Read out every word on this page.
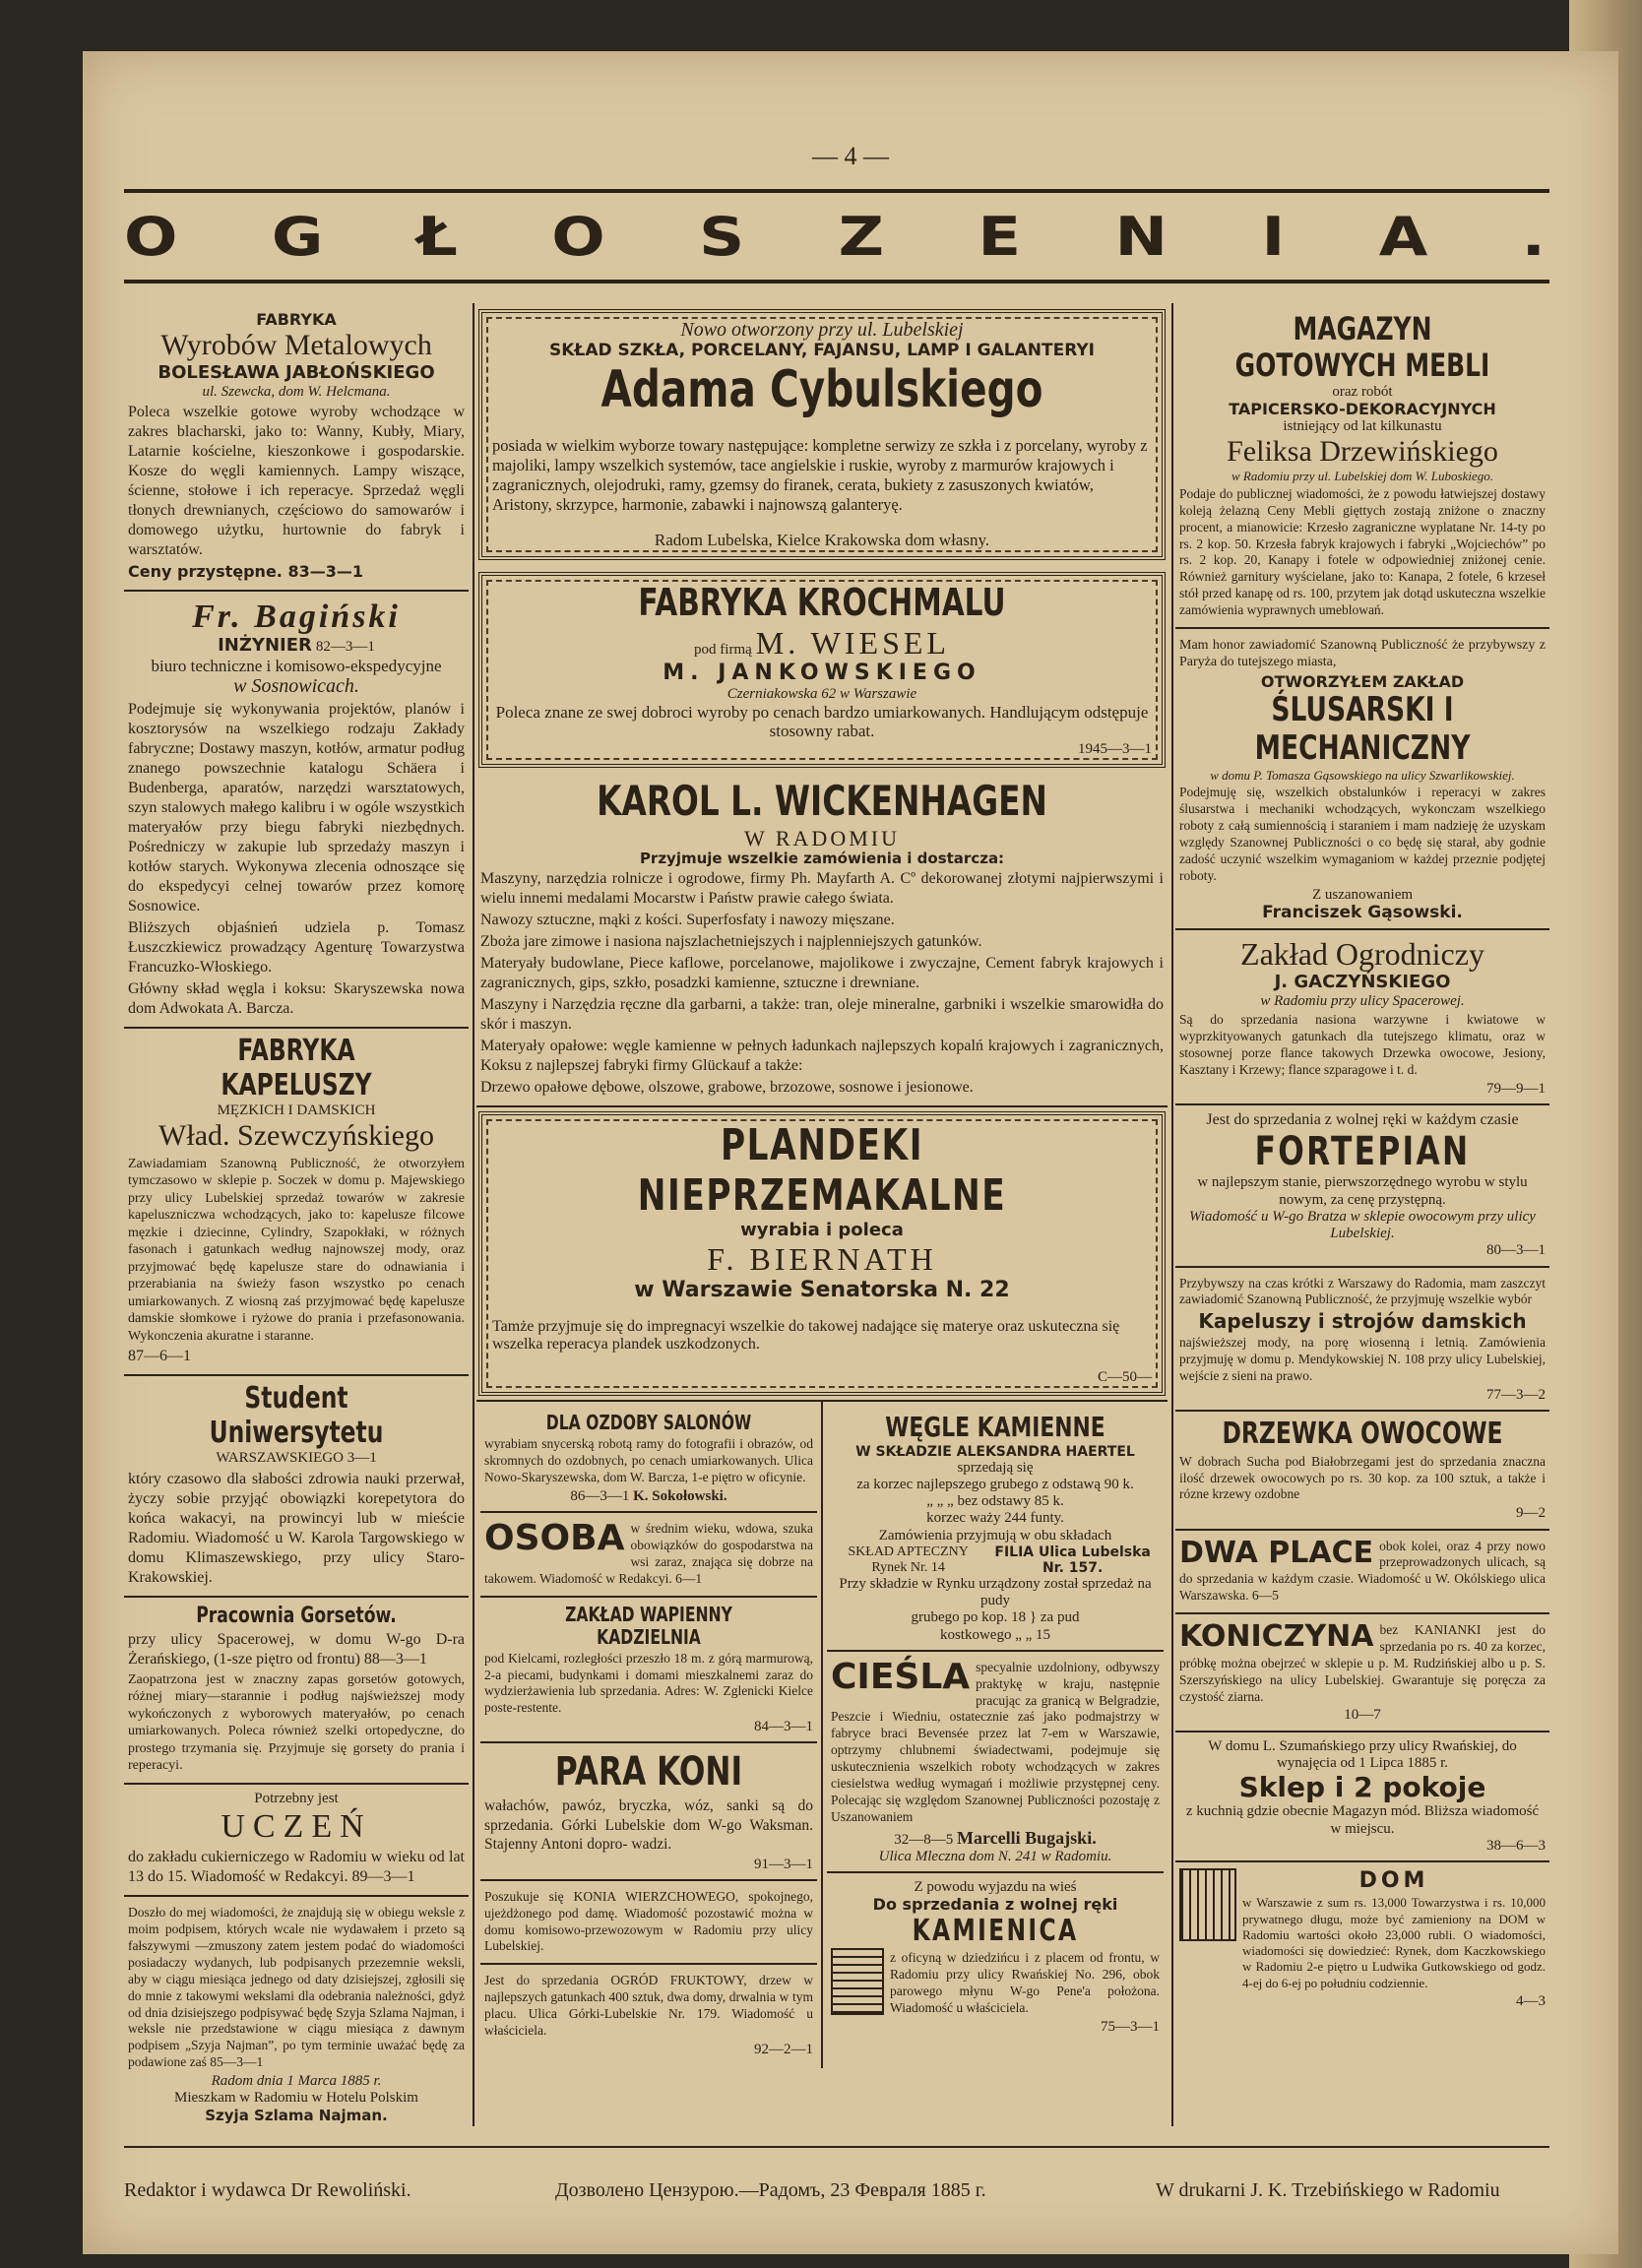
— 4 —
O G Ł O S Z E N I A .
FABRYKA
Wyrobów Metalowych
BOLESŁAWA JABŁOŃSKIEGO
ul. Szewcka, dom W. Helcmana.

Poleca wszelkie gotowe wyroby wchodzące w zakres blacharski, jako to: Wanny, Kubły, Miary, Latarnie kościelne, kieszonkowe i gospodarskie. Kosze do węgli kamiennych. Lampy wiszące, ścienne, stołowe i ich reperacye. Sprzedaż węgli tłonych drewnianych, częściowo do samowarów i domowego użytku, hurtownie do fabryk i warsztatów.

Ceny przystępne. 83—3—1

Fr. Bagiński
INŻYNIER 82—3—1
biuro techniczne i komisowo-ekspedycyjne
w Sosnowicach.

Podejmuje się wykonywania projektów, planów i kosztorysów na wszelkiego rodzaju Zakłady fabryczne; Dostawy maszyn, kotłów, armatur podług znanego powszechnie katalogu Schäera i Budenberga, aparatów, narzędzi warsztatowych, szyn stalowych małego kalibru i w ogóle wszystkich materyałów przy biegu fabryki niezbędnych. Pośredniczy w zakupie lub sprzedaży maszyn i kotłów starych. Wykonywa zlecenia odnoszące się do ekspedycyi celnej towarów przez komorę Sosnowice.

Bliższych objaśnień udziela p. Tomasz Łuszczkiewicz prowadzący Agenturę Towarzystwa Francuzko-Włoskiego.

Główny skład węgla i koksu: Skaryszewska nowa dom Adwokata A. Barcza.

FABRYKA KAPELUSZY
MĘZKICH I DAMSKICH
Wład. Szewczyńskiego

Zawiadamiam Szanowną Publiczność, że otworzyłem tymczasowo w sklepie p. Soczek w domu p. Majewskiego przy ulicy Lubelskiej sprzedaż towarów w zakresie kapeluszniczwa wchodzących, jako to: kapelusze filcowe męzkie i dziecinne, Cylindry, Szapokłaki, w różnych fasonach i gatunkach według najnowszej mody, oraz przyjmować będę kapelusze stare do odnawiania i przerabiania na świeży fason wszystko po cenach umiarkowanych. Z wiosną zaś przyjmować będę kapelusze damskie słomkowe i ryżowe do prania i przefasonowania. Wykonczenia akuratne i staranne.

87—6—1

Student Uniwersytetu
WARSZAWSKIEGO 3—1

który czasowo dla słabości zdrowia nauki przerwał, życzy sobie przyjąć obowiązki korepetytora do końca wakacyi, na prowincyi lub w mieście Radomiu. Wiadomość u W. Karola Targowskiego w domu Klimaszewskiego, przy ulicy Staro-Krakowskiej.

Pracownia Gorsetów.

przy ulicy Spacerowej, w domu W-go D-ra Żerańskiego, (1-sze piętro od frontu) 88—3—1

Zaopatrzona jest w znaczny zapas gorsetów gotowych, różnej miary—starannie i podług najświeższej mody wykończonych z wyborowych materyałów, po cenach umiarkowanych. Poleca również szelki ortopedyczne, do prostego trzymania się. Przyjmuje się gorsety do prania i reperacyi.

Potrzebny jest
UCZEŃ

do zakładu cukierniczego w Radomiu w wieku od lat 13 do 15. Wiadomość w Redakcyi. 89—3—1

Doszło do mej wiadomości, że znajdują się w obiegu weksle z moim podpisem, których wcale nie wydawałem i przeto są fałszywymi —zmuszony zatem jestem podać do wiadomości posiadaczy wydanych, lub podpisanych przezemnie weksli, aby w ciągu miesiąca jednego od daty dzisiejszej, zgłosili się do mnie z takowymi wekslami dla odebrania należności, gdyż od dnia dzisiejszego podpisywać będę Szyja Szlama Najman, i weksle nie przedstawione w ciągu miesiąca z dawnym podpisem „Szyja Najman”, po tym terminie uważać będę za podawione zaś 85—3—1

Radom dnia 1 Marca 1885 r.
Mieszkam w Radomiu w Hotelu Polskim
Szyja Szlama Najman.
Nowo otworzony przy ul. Lubelskiej
SKŁAD SZKŁA, PORCELANY, FAJANSU, LAMP I GALANTERYI
Adama Cybulskiego

posiada w wielkim wyborze towary następujące: kompletne serwizy ze szkła i z porcelany, wyroby z majoliki, lampy wszelkich systemów, tace angielskie i ruskie, wyroby z marmurów krajowych i zagranicznych, olejodruki, ramy, gzemsy do firanek, cerata, bukiety z zasuszonych kwiatów, Aristony, skrzypce, harmonie, zabawki i najnowszą galanteryę.

Radom Lubelska, Kielce Krakowska dom własny.
FABRYKA KROCHMALU
pod firmą M. WIESEL
M. JANKOWSKIEGO
Czerniakowska 62 w Warszawie
Poleca znane ze swej dobroci wyroby po cenach bardzo umiarkowanych. Handlującym odstępuje stosowny rabat.
1945—3—1
KAROL L. WICKENHAGEN
W RADOMIU
Przyjmuje wszelkie zamówienia i dostarcza:

Maszyny, narzędzia rolnicze i ogrodowe, firmy Ph. Mayfarth A. Cº dekorowanej złotymi najpierwszymi i wielu innemi medalami Mocarstw i Państw prawie całego świata.

Nawozy sztuczne, mąki z kości. Superfosfaty i nawozy mięszane.

Zboża jare zimowe i nasiona najszlachetniejszych i najplenniejszych gatunków.

Materyały budowlane, Piece kaflowe, porcelanowe, majolikowe i zwyczajne, Cement fabryk krajowych i zagranicznych, gips, szkło, posadzki kamienne, sztuczne i drewniane.

Maszyny i Narzędzia ręczne dla garbarni, a także: tran, oleje mineralne, garbniki i wszelkie smarowidła do skór i maszyn.

Materyały opałowe: węgle kamienne w pełnych ładunkach najlepszych kopalń krajowych i zagranicznych, Koksu z najlepszej fabryki firmy Glückauf a także:

Drzewo opałowe dębowe, olszowe, grabowe, brzozowe, sosnowe i jesionowe.

PLANDEKI NIEPRZEMAKALNE
wyrabia i poleca
F. BIERNATH
w Warszawie Senatorska N. 22

Tamże przyjmuje się do impregnacyi wszelkie do takowej nadające się materye oraz uskuteczna się wszelka reperacya plandek uszkodzonych.

C—50—
DLA OZDOBY SALONÓW

wyrabiam snycerską robotą ramy do fotografii i obrazów, od skromnych do ozdobnych, po cenach umiarkowanych. Ulica Nowo-Skaryszewska, dom W. Barcza, 1-e piętro w oficynie.

86—3—1 K. Sokołowski.

OSOBA w średnim wieku, wdowa, szuka obowiązków do gospodarstwa na wsi zaraz, znająca się dobrze na takowem. Wiadomość w Redakcyi. 6—1

ZAKŁAD WAPIENNY KADZIELNIA

pod Kielcami, rozległości przeszło 18 m. z górą marmurową, 2-a piecami, budynkami i domami mieszkalnemi zaraz do wydzierżawienia lub sprzedania. Adres: W. Zglenicki Kielce poste-restente.

84—3—1
PARA KONI

wałachów, pawóz, bryczka, wóz, sanki są do sprzedania. Górki Lubelskie dom W-go Waksman. Stajenny Antoni dopro- wadzi.

91—3—1

Poszukuje się KONIA WIERZCHOWEGO, spokojnego, ujeżdżonego pod damę. Wiadomość pozostawić można w domu komisowo-przewozowym w Radomiu przy ulicy Lubelskiej.

Jest do sprzedania OGRÓD FRUKTOWY, drzew w najlepszych gatunkach 400 sztuk, dwa domy, drwalnia w tym placu. Ulica Górki-Lubelskie Nr. 179. Wiadomość u właściciela.

92—2—1
WĘGLE KAMIENNE
W SKŁADZIE ALEKSANDRA HAERTEL
sprzedają się
za korzec najlepszego grubego z odstawą 90 k.
„ „ „ bez odstawy 85 k.
korzec waży 244 funty.
Zamówienia przyjmują w obu składach
SKŁAD APTECZNY Rynek Nr. 14
FILIA Ulica Lubelska Nr. 157.
Przy składzie w Rynku urządzony został sprzedaż na pudy
grubego po kop. 18 } za pud
kostkowego „ „ 15

CIEŚLA specyalnie uzdolniony, odbywszy praktykę w kraju, następnie pracując za granicą w Belgradzie, Peszcie i Wiedniu, ostatecznie zaś jako podmajstrzy w fabryce braci Bevensée przez lat 7-em w Warszawie, optrzymy chlubnemi świadectwami, podejmuje się uskutecznienia wszelkich roboty wchodzących w zakres ciesielstwa według wymagań i możliwie przystępnej ceny. Polecając się względom Szanownej Publiczności pozostaję z Uszanowaniem

32—8—5 Marcelli Bugajski.
Ulica Mleczna dom N. 241 w Radomiu.
Z powodu wyjazdu na wieś
Do sprzedania z wolnej ręki
KAMIENICA

z oficyną w dziedzińcu i z placem od frontu, w Radomiu przy ulicy Rwańskiej No. 296, obok parowego młynu W-go Pene'a położona. Wiadomość u właściciela.

75—3—1
MAGAZYN GOTOWYCH MEBLI
oraz robót
TAPICERSKO-DEKORACYJNYCH
istniejący od lat kilkunastu
Feliksa Drzewińskiego
w Radomiu przy ul. Lubelskiej dom W. Luboskiego.

Podaje do publicznej wiadomości, że z powodu łatwiejszej dostawy koleją żelazną Ceny Mebli gięttych zostają zniżone o znaczny procent, a mianowicie: Krzesło zagraniczne wyplatane Nr. 14-ty po rs. 2 kop. 50. Krzesła fabryk krajowych i fabryki „Wojciechów” po rs. 2 kop. 20, Kanapy i fotele w odpowiedniej zniżonej cenie. Również garnitury wyścielane, jako to: Kanapa, 2 fotele, 6 krzeseł stół przed kanapę od rs. 100, przytem jak dotąd uskuteczna wszelkie zamówienia wyprawnych umeblowań.

Mam honor zawiadomić Szanowną Publiczność że przybywszy z Paryża do tutejszego miasta,

OTWORZYŁEM ZAKŁAD
ŚLUSARSKI I MECHANICZNY
w domu P. Tomasza Gąsowskiego na ulicy Szwarlikowskiej.

Podejmuję się, wszelkich obstalunków i reperacyi w zakres ślusarstwa i mechaniki wchodzących, wykonczam wszelkiego roboty z całą sumiennością i staraniem i mam nadzieję że uzyskam względy Szanownej Publiczności o co będę się starał, aby godnie zadość uczynić wszelkim wymaganiom w każdej przeznie podjętej roboty.

Z uszanowaniem
Franciszek Gąsowski.
Zakład Ogrodniczy
J. GACZYŃSKIEGO
w Radomiu przy ulicy Spacerowej.

Są do sprzedania nasiona warzywne i kwiatowe w wyprzkityowanych gatunkach dla tutejszego klimatu, oraz w stosownej porze flance takowych Drzewka owocowe, Jesiony, Kasztany i Krzewy; flance szparagowe i t. d.

79—9—1
Jest do sprzedania z wolnej ręki w każdym czasie
FORTEPIAN
w najlepszym stanie, pierwszorzędnego wyrobu w stylu nowym, za cenę przystępną.
Wiadomość u W-go Bratza w sklepie owocowym przy ulicy Lubelskiej.
80—3—1

Przybywszy na czas krótki z Warszawy do Radomia, mam zaszczyt zawiadomić Szanowną Publiczność, że przyjmuję wszelkie wybór

Kapeluszy i strojów damskich

najświeższej mody, na porę wiosenną i letnią. Zamówienia przyjmuję w domu p. Mendykowskiej N. 108 przy ulicy Lubelskiej, wejście z sieni na prawo.

77—3—2
DRZEWKA OWOCOWE

W dobrach Sucha pod Białobrzegami jest do sprzedania znaczna ilość drzewek owocowych po rs. 30 kop. za 100 sztuk, a także i rózne krzewy ozdobne

9—2

DWA PLACE obok kolei, oraz 4 przy nowo przeprowadzonych ulicach, są do sprzedania w każdym czasie. Wiadomość u W. Okólskiego ulica Warszawska. 6—5

KONICZYNA bez KANIANKI jest do sprzedania po rs. 40 za korzec, próbkę można obejrzeć w sklepie u p. M. Rudzińskiej albo u p. S. Szerszyńskiego na ulicy Lubelskiej. Gwarantuje się poręcza za czystość ziarna.

10—7
W domu L. Szumańskiego przy ulicy Rwańskiej, do wynajęcia od 1 Lipca 1885 r.
Sklep i 2 pokoje
z kuchnią gdzie obecnie Magazyn mód. Bliższa wiadomość w miejscu.
38—6—3
DOM

w Warszawie z sum rs. 13,000 Towarzystwa i rs. 10,000 prywatnego długu, może być zamieniony na DOM w Radomiu wartości około 23,000 rubli. O wiadomości, wiadomości się dowiedzieć: Rynek, dom Kaczkowskiego w Radomiu 2-e piętro u Ludwika Gutkowskiego od godz. 4-ej do 6-ej po południu codziennie.

4—3
Redaktor i wydawca Dr Rewoliński.	Дозволено Цензурою.—Радомъ, 23 Февраля 1885 г.	W drukarni J. K. Trzebińskiego w Radomiu
